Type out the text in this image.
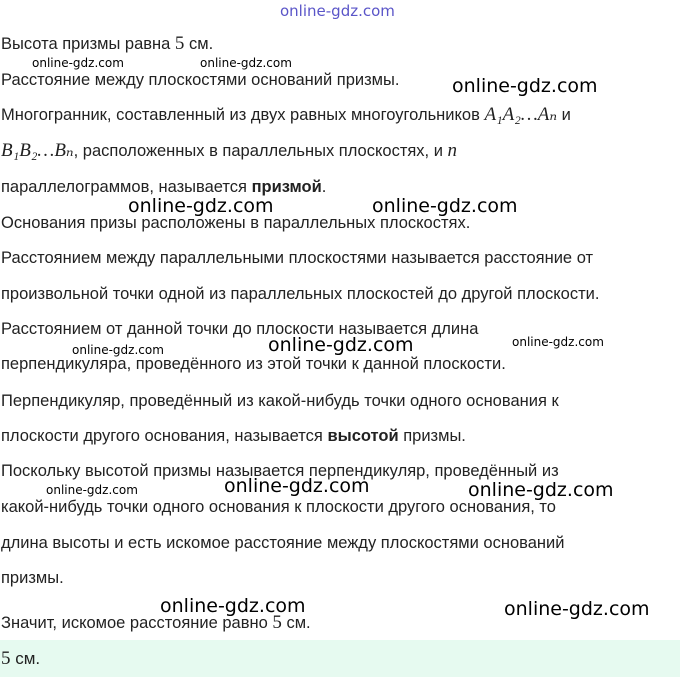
online-gdz.com

Высота призмы равна 5 см.

online-gdz.com	online-gdz.com

Расстояние между плоскостями оснований призмы.	online-gdz.com

Многогранник, составленный из двух равных многоугольников A₁A₂…Aₙ и

B₁B₂…Bₙ, расположенных в параллельных плоскостях, и n

параллелограммов, называется призмой.

online-gdz.com	online-gdz.com

Основания призы расположены в параллельных плоскостях.

Расстоянием между параллельными плоскостями называется расстояние от

произвольной точки одной из параллельных плоскостей до другой плоскости.

Расстоянием от данной точки до плоскости называется длина

online-gdz.com	online-gdz.com	online-gdz.com

перпендикуляра, проведённого из этой точки к данной плоскости.

Перпендикуляр, проведённый из какой-нибудь точки одного основания к

плоскости другого основания, называется высотой призмы.

Поскольку высотой призмы называется перпендикуляр, проведённый из

online-gdz.com	online-gdz.com	online-gdz.com

какой-нибудь точки одного основания к плоскости другого основания, то

длина высоты и есть искомое расстояние между плоскостями оснований

призмы.

online-gdz.com	online-gdz.com

Значит, искомое расстояние равно 5 см.

5 см.
